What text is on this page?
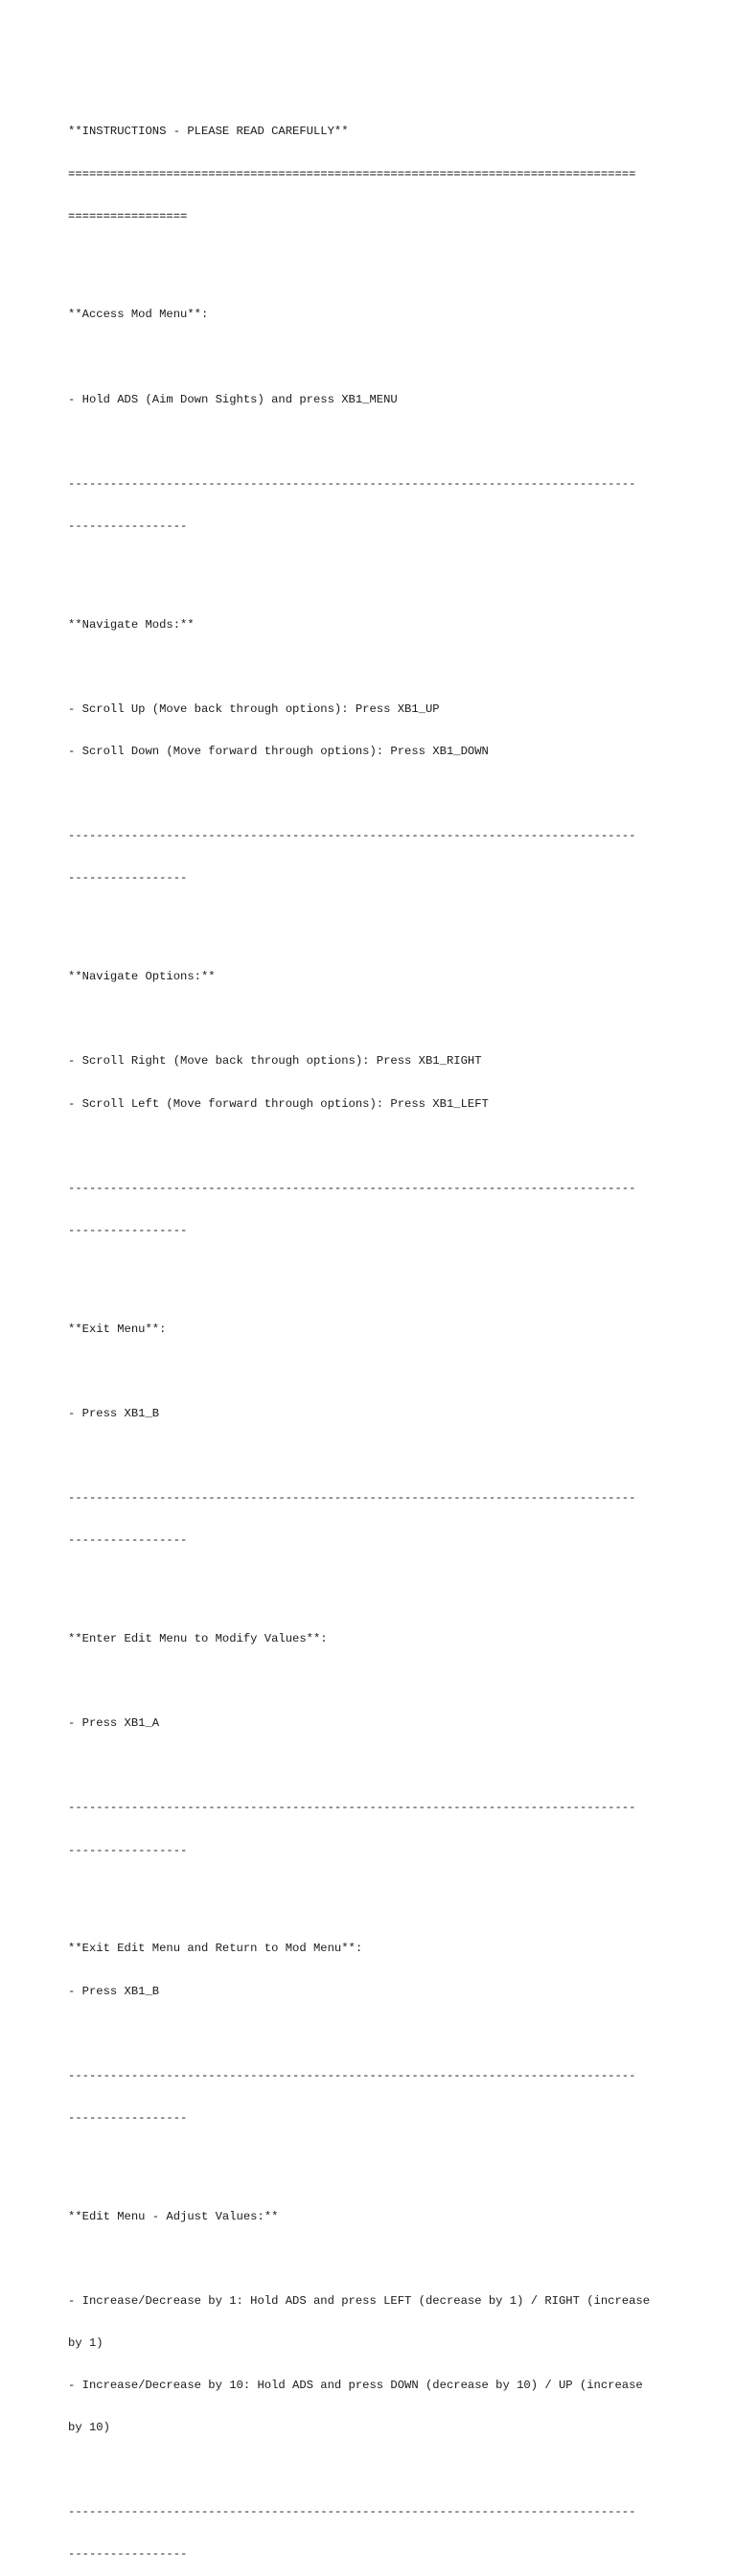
**INSTRUCTIONS - PLEASE READ CAREFULLY**

=================================================================================

=================

**Access Mod Menu**:

- Hold ADS (Aim Down Sights) and press XB1_MENU

---------------------------------------------------------------------------------

-----------------

**Navigate Mods:**

- Scroll Up (Move back through options): Press XB1_UP

- Scroll Down (Move forward through options): Press XB1_DOWN

---------------------------------------------------------------------------------

-----------------

**Navigate Options:**

- Scroll Right (Move back through options): Press XB1_RIGHT

- Scroll Left (Move forward through options): Press XB1_LEFT

---------------------------------------------------------------------------------

-----------------

**Exit Menu**:

- Press XB1_B

---------------------------------------------------------------------------------

-----------------

**Enter Edit Menu to Modify Values**:

- Press XB1_A

---------------------------------------------------------------------------------

-----------------

**Exit Edit Menu and Return to Mod Menu**:

- Press XB1_B

---------------------------------------------------------------------------------

-----------------

**Edit Menu - Adjust Values:**

- Increase/Decrease by 1: Hold ADS and press LEFT (decrease by 1) / RIGHT (increase

by 1)

- Increase/Decrease by 10: Hold ADS and press DOWN (decrease by 10) / UP (increase

by 10)

---------------------------------------------------------------------------------

-----------------
